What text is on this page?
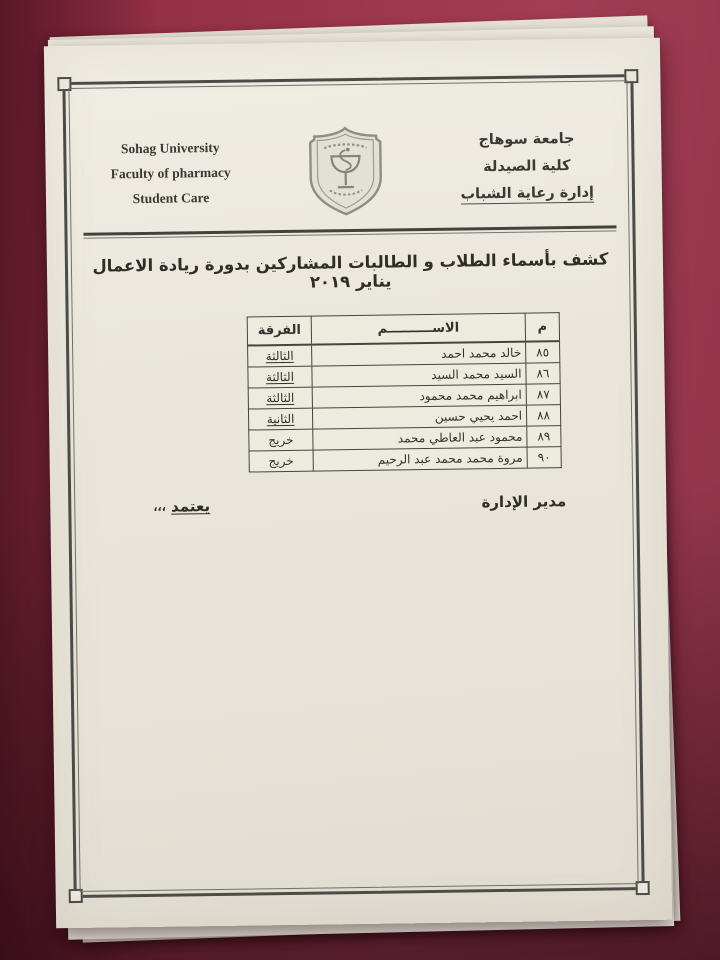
Sohag University
Faculty of pharmacy
Student Care
جامعة سوهاج
كلية الصيدلة
إدارة رعاية الشباب
كشف بأسماء الطلاب و الطالبات المشاركين بدورة ريادة الاعمال يناير ٢٠١٩
م	الاســــــــــم	الفرقة
٨٥	خالد محمد احمد	الثالثة
٨٦	السيد محمد السيد	الثالثة
٨٧	ابراهيم محمد محمود	الثالثة
٨٨	احمد يحيي حسين	الثانية
٨٩	محمود عبد العاطي محمد	خريج
٩٠	مروة محمد محمد عبد الرحيم	خريج
مدير الإدارة
يعتمد ،،،
